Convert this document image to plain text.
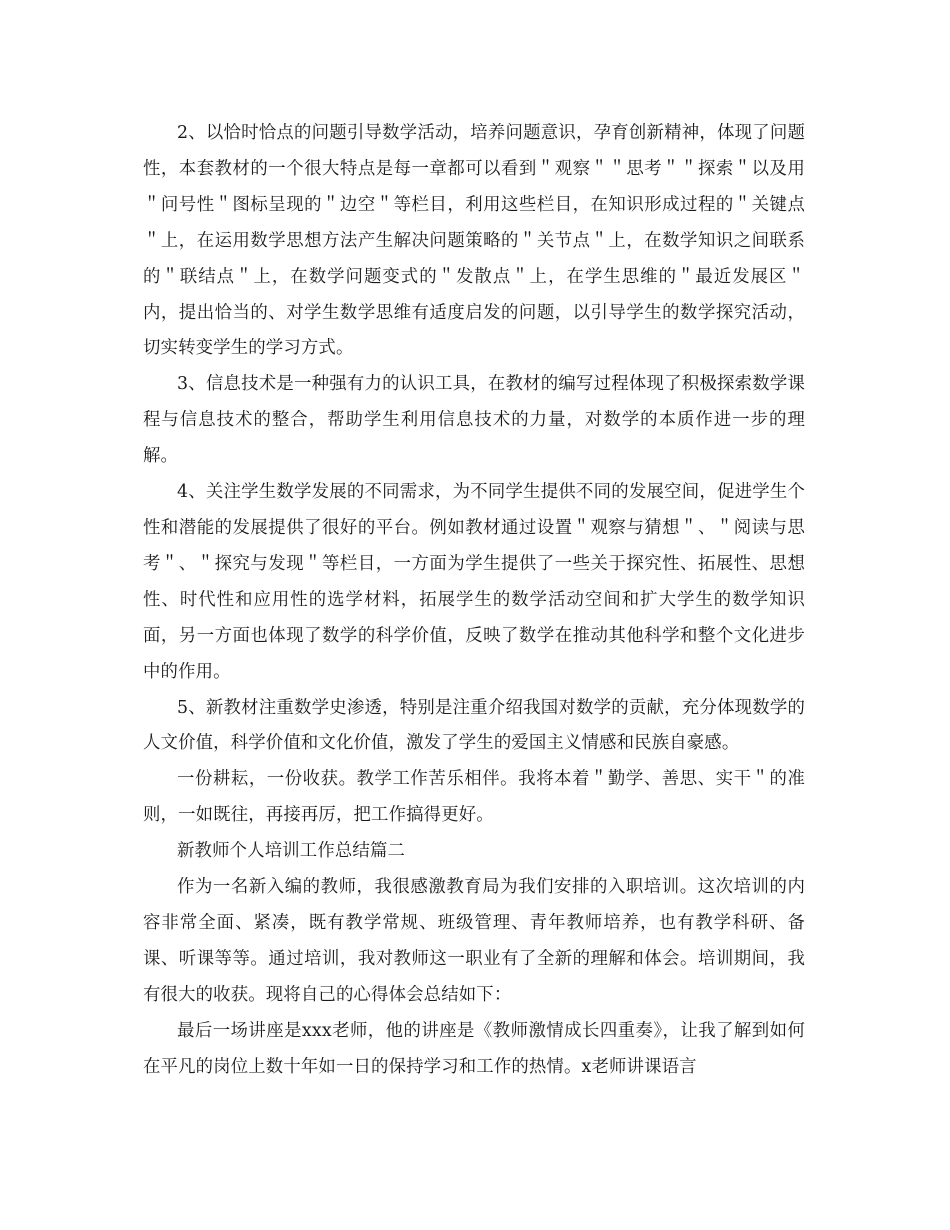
2、以恰时恰点的问题引导数学活动，培养问题意识，孕育创新精神，体现了问题性，本套教材的一个很大特点是每一章都可以看到＂观察＂＂思考＂＂探索＂以及用＂问号性＂图标呈现的＂边空＂等栏目，利用这些栏目，在知识形成过程的＂关键点＂上，在运用数学思想方法产生解决问题策略的＂关节点＂上，在数学知识之间联系的＂联结点＂上，在数学问题变式的＂发散点＂上，在学生思维的＂最近发展区＂内，提出恰当的、对学生数学思维有适度启发的问题，以引导学生的数学探究活动，切实转变学生的学习方式。

3、信息技术是一种强有力的认识工具，在教材的编写过程体现了积极探索数学课程与信息技术的整合，帮助学生利用信息技术的力量，对数学的本质作进一步的理解。

4、关注学生数学发展的不同需求，为不同学生提供不同的发展空间，促进学生个性和潜能的发展提供了很好的平台。例如教材通过设置＂观察与猜想＂、＂阅读与思考＂、＂探究与发现＂等栏目，一方面为学生提供了一些关于探究性、拓展性、思想性、时代性和应用性的选学材料，拓展学生的数学活动空间和扩大学生的数学知识面，另一方面也体现了数学的科学价值，反映了数学在推动其他科学和整个文化进步中的作用。

5、新教材注重数学史渗透，特别是注重介绍我国对数学的贡献，充分体现数学的人文价值，科学价值和文化价值，激发了学生的爱国主义情感和民族自豪感。

一份耕耘，一份收获。教学工作苦乐相伴。我将本着＂勤学、善思、实干＂的准则，一如既往，再接再厉，把工作搞得更好。

新教师个人培训工作总结篇二

作为一名新入编的教师，我很感激教育局为我们安排的入职培训。这次培训的内容非常全面、紧凑，既有教学常规、班级管理、青年教师培养，也有教学科研、备课、听课等等。通过培训，我对教师这一职业有了全新的理解和体会。培训期间，我有很大的收获。现将自己的心得体会总结如下：

最后一场讲座是xxx老师，他的讲座是《教师激情成长四重奏》，让我了解到如何在平凡的岗位上数十年如一日的保持学习和工作的热情。x老师讲课语言
